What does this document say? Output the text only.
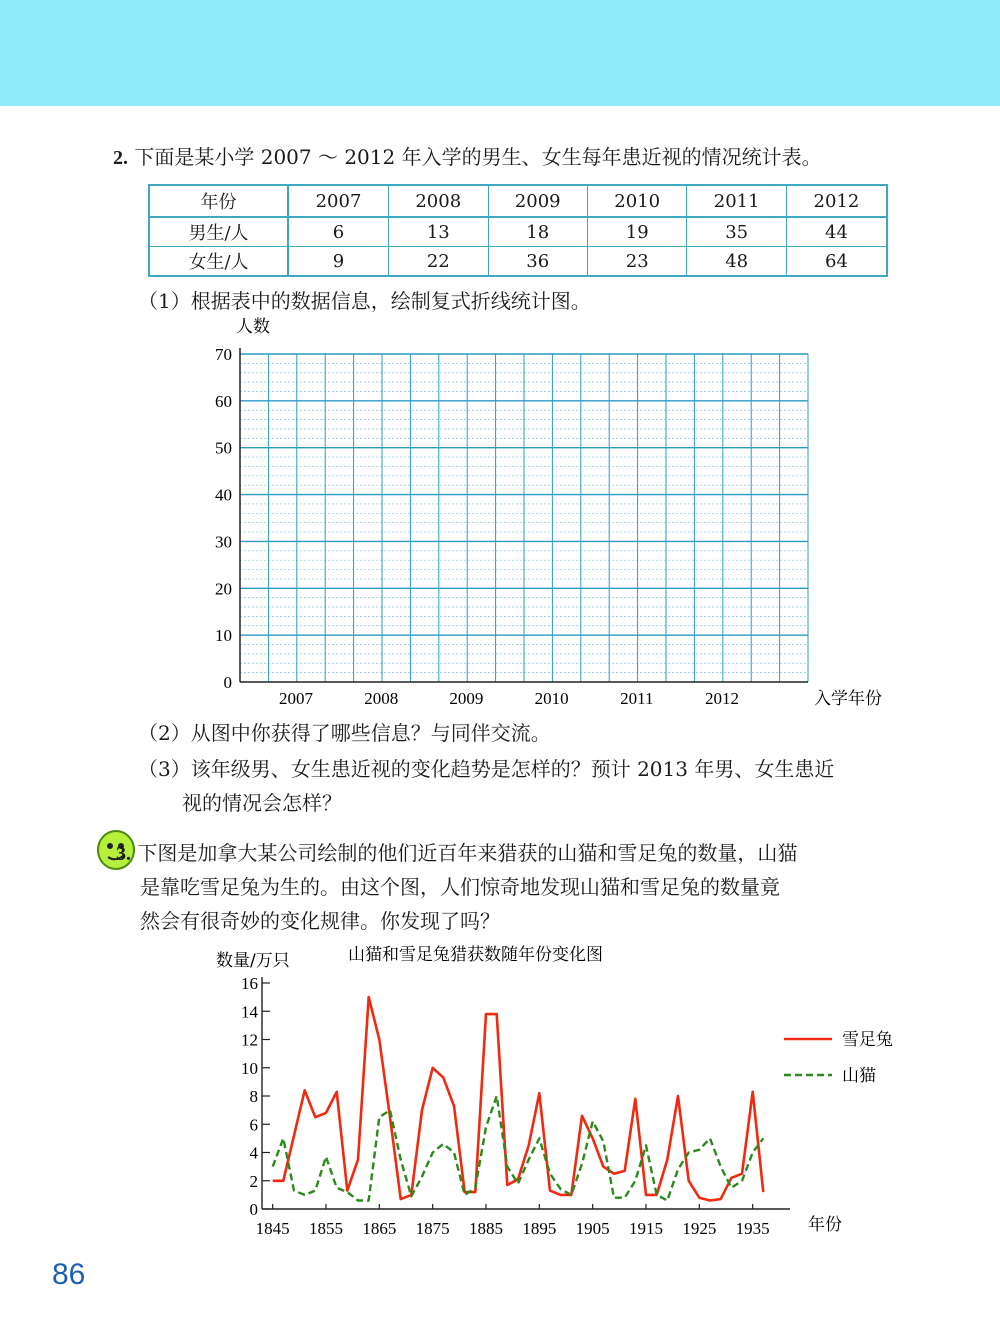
2. 下面是某小学 2007 ～ 2012 年入学的男生、女生每年患近视的情况统计表。
年份	2007	2008	2009	2010	2011	2012
男生/人	6	13	18	19	35	44
女生/人	9	22	36	23	48	64
（1）根据表中的数据信息，绘制复式折线统计图。
人数
入学年份
0
10
20
30
40
50
60
70
2007	2008	2009	2010	2011	2012
（2）从图中你获得了哪些信息？与同伴交流。
（3）该年级男、女生患近视的变化趋势是怎样的？预计 2013 年男、女生患近
视的情况会怎样？
3. 下图是加拿大某公司绘制的他们近百年来猎获的山猫和雪足兔的数量，山猫
是靠吃雪足兔为生的。由这个图，人们惊奇地发现山猫和雪足兔的数量竟
然会有很奇妙的变化规律。你发现了吗？
数量/万只	山猫和雪足兔猎获数随年份变化图
年份
0
2
4
6
8
10
12
14
16
1845 1855 1865 1875 1885 1895 1905 1915 1925 1935
雪足兔
山猫
86
